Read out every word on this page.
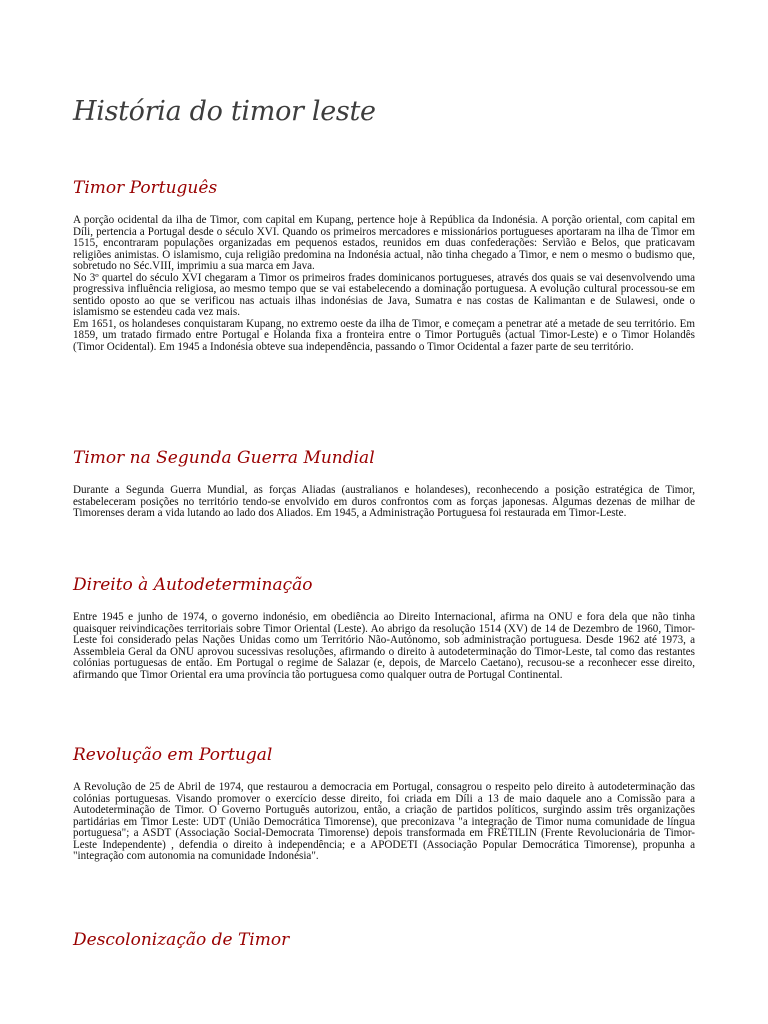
História do timor leste
Timor Português

A porção ocidental da ilha de Timor, com capital em Kupang, pertence hoje à República da Indonésia. A porção oriental, com capital em Díli, pertencia a Portugal desde o século XVI. Quando os primeiros mercadores e missionários portugueses aportaram na ilha de Timor em 1515, encontraram populações organizadas em pequenos estados, reunidos em duas confederações: Servião e Belos, que praticavam religiões animistas. O islamismo, cuja religião predomina na Indonésia actual, não tinha chegado a Timor, e nem o mesmo o budismo que, sobretudo no Séc.VIII, imprimiu a sua marca em Java.

No 3º quartel do século XVI chegaram a Timor os primeiros frades dominicanos portugueses, através dos quais se vai desenvolvendo uma progressiva influência religiosa, ao mesmo tempo que se vai estabelecendo a dominação portuguesa. A evolução cultural processou-se em sentido oposto ao que se verificou nas actuais ilhas indonésias de Java, Sumatra e nas costas de Kalimantan e de Sulawesi, onde o islamismo se estendeu cada vez mais.

Em 1651, os holandeses conquistaram Kupang, no extremo oeste da ilha de Timor, e começam a penetrar até a metade de seu território. Em 1859, um tratado firmado entre Portugal e Holanda fixa a fronteira entre o Timor Português (actual Timor-Leste) e o Timor Holandês (Timor Ocidental). Em 1945 a Indonésia obteve sua independência, passando o Timor Ocidental a fazer parte de seu território.

Timor na Segunda Guerra Mundial

Durante a Segunda Guerra Mundial, as forças Aliadas (australianos e holandeses), reconhecendo a posição estratégica de Timor, estabeleceram posições no território tendo-se envolvido em duros confrontos com as forças japonesas. Algumas dezenas de milhar de Timorenses deram a vida lutando ao lado dos Aliados. Em 1945, a Administração Portuguesa foi restaurada em Timor-Leste.

Direito à Autodeterminação

Entre 1945 e junho de 1974, o governo indonésio, em obediência ao Direito Internacional, afirma na ONU e fora dela que não tinha quaisquer reivindicações territoriais sobre Timor Oriental (Leste). Ao abrigo da resolução 1514 (XV) de 14 de Dezembro de 1960, Timor-Leste foi considerado pelas Nações Unidas como um Território Não-Autónomo, sob administração portuguesa. Desde 1962 até 1973, a Assembleia Geral da ONU aprovou sucessivas resoluções, afirmando o direito à autodeterminação do Timor-Leste, tal como das restantes colónias portuguesas de então. Em Portugal o regime de Salazar (e, depois, de Marcelo Caetano), recusou-se a reconhecer esse direito, afirmando que Timor Oriental era uma província tão portuguesa como qualquer outra de Portugal Continental.

Revolução em Portugal

A Revolução de 25 de Abril de 1974, que restaurou a democracia em Portugal, consagrou o respeito pelo direito à autodeterminação das colónias portuguesas. Visando promover o exercício desse direito, foi criada em Díli a 13 de maio daquele ano a Comissão para a Autodeterminação de Timor. O Governo Português autorizou, então, a criação de partidos políticos, surgindo assim três organizações partidárias em Timor Leste: UDT (União Democrática Timorense), que preconizava "a integração de Timor numa comunidade de língua portuguesa"; a ASDT (Associação Social-Democrata Timorense) depois transformada em FRETILIN (Frente Revolucionária de Timor-Leste Independente) , defendia o direito à independência; e a APODETI (Associação Popular Democrática Timorense), propunha a "integração com autonomia na comunidade Indonésia".

Descolonização de Timor
